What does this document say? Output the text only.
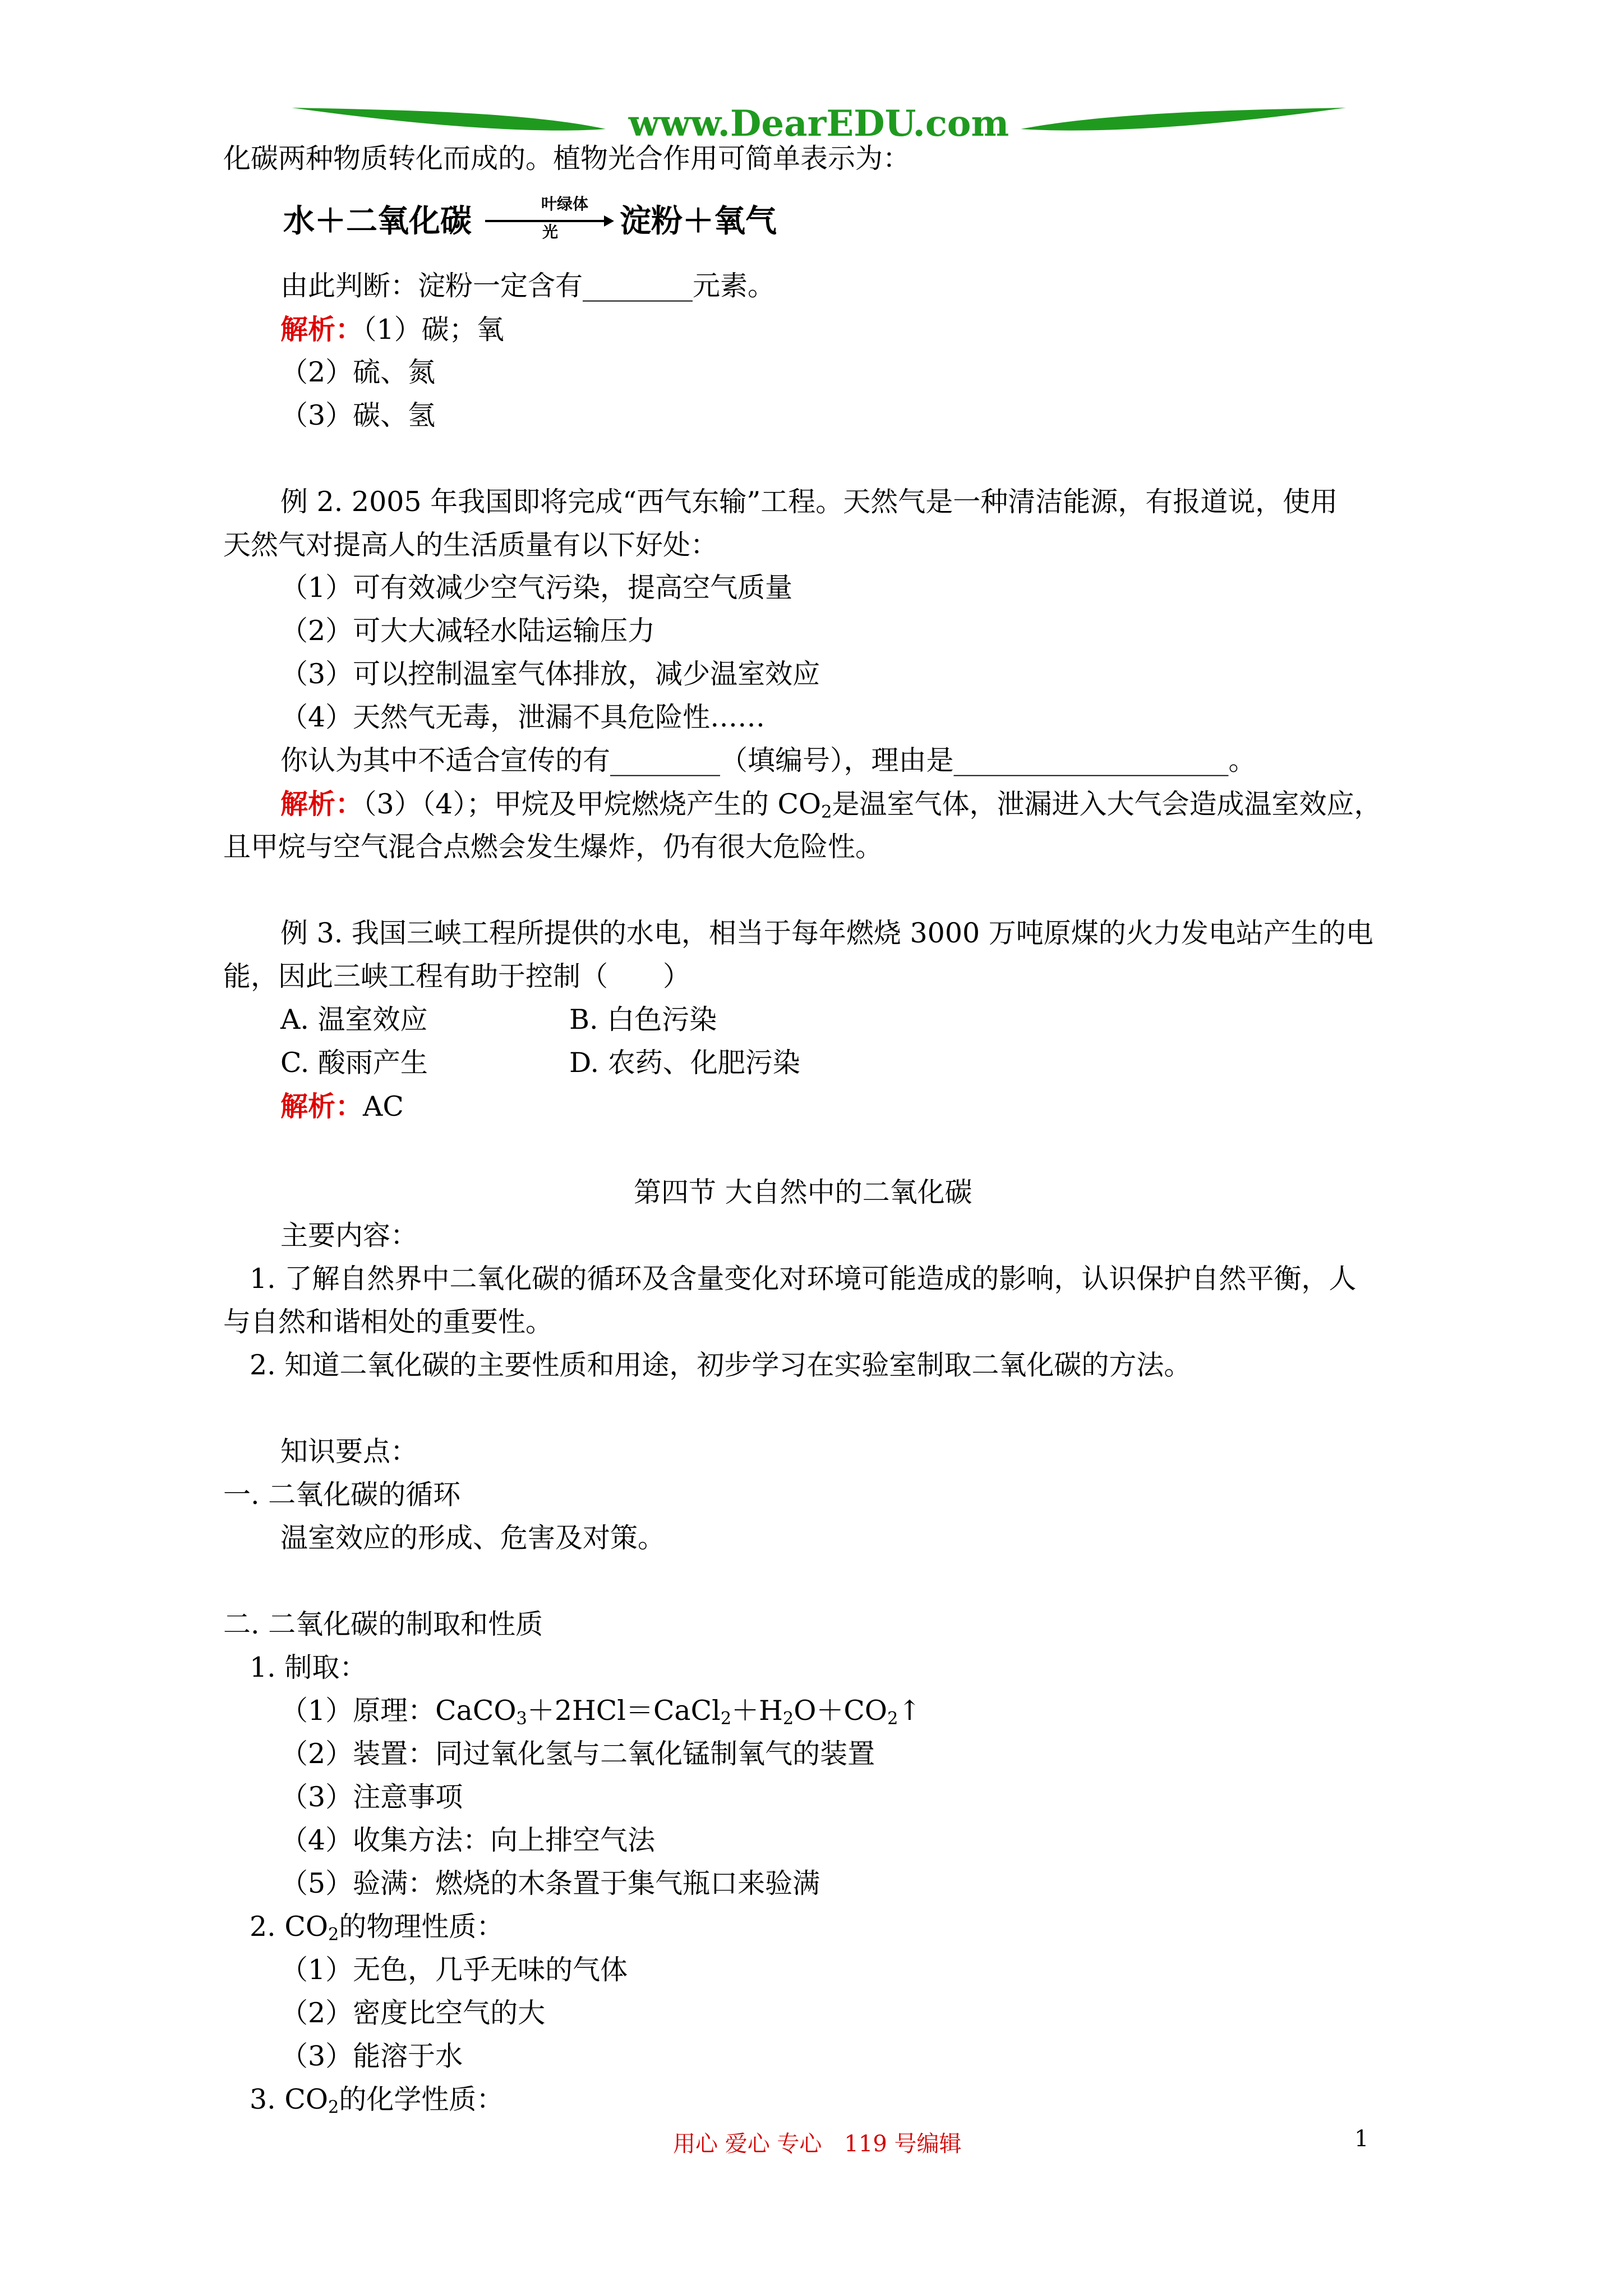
www.DearEDU.com
化碳两种物质转化而成的。植物光合作用可简单表示为：
水＋二氧化碳	叶绿体
光 淀粉＋氧气
由此判断：淀粉一定含有________元素。
解析：（1）碳；氧
（2）硫、氮
（3）碳、氢
例 2. 2005 年我国即将完成“西气东输”工程。天然气是一种清洁能源，有报道说，使用
天然气对提高人的生活质量有以下好处：
（1）可有效减少空气污染，提高空气质量
（2）可大大减轻水陆运输压力
（3）可以控制温室气体排放，减少温室效应
（4）天然气无毒，泄漏不具危险性……
你认为其中不适合宣传的有________（填编号），理由是____________________。
解析：（3）（4）；甲烷及甲烷燃烧产生的 $CO_2$是温室气体，泄漏进入大气会造成温室效应，
且甲烷与空气混合点燃会发生爆炸，仍有很大危险性。
例 3. 我国三峡工程所提供的水电，相当于每年燃烧 3000 万吨原煤的火力发电站产生的电
能，因此三峡工程有助于控制（　　）
A. 温室效应	B. 白色污染
C. 酸雨产生	D. 农药、化肥污染
解析：AC
第四节 大自然中的二氧化碳
主要内容：
1. 了解自然界中二氧化碳的循环及含量变化对环境可能造成的影响，认识保护自然平衡，人
与自然和谐相处的重要性。
2. 知道二氧化碳的主要性质和用途，初步学习在实验室制取二氧化碳的方法。
知识要点：
一. 二氧化碳的循环
温室效应的形成、危害及对策。
二. 二氧化碳的制取和性质
1. 制取：
（1）原理：$CaCO_3+2HCl=CaCl_2+H_2O+CO_2↑$
（2）装置：同过氧化氢与二氧化锰制氧气的装置
（3）注意事项
（4）收集方法：向上排空气法
（5）验满：燃烧的木条置于集气瓶口来验满
2. $CO_2$的物理性质：
（1）无色，几乎无味的气体
（2）密度比空气的大
（3）能溶于水
3. $CO_2$的化学性质：
用心 爱心 专心　119 号编辑	1
